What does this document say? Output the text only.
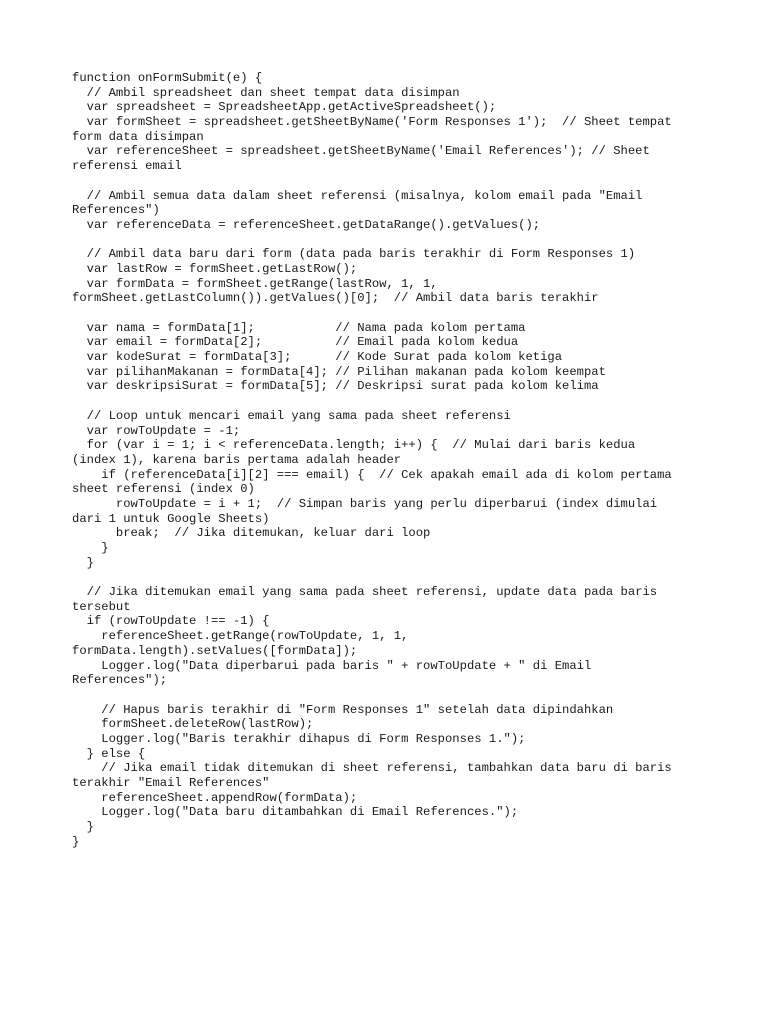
function onFormSubmit(e) {
// Ambil spreadsheet dan sheet tempat data disimpan
var spreadsheet = SpreadsheetApp.getActiveSpreadsheet();
var formSheet = spreadsheet.getSheetByName('Form Responses 1');  // Sheet tempat
form data disimpan
var referenceSheet = spreadsheet.getSheetByName('Email References'); // Sheet
referensi email
// Ambil semua data dalam sheet referensi (misalnya, kolom email pada "Email
References")
var referenceData = referenceSheet.getDataRange().getValues();
// Ambil data baru dari form (data pada baris terakhir di Form Responses 1)
var lastRow = formSheet.getLastRow();
var formData = formSheet.getRange(lastRow, 1, 1,
formSheet.getLastColumn()).getValues()[0];  // Ambil data baris terakhir
var nama = formData[1];           // Nama pada kolom pertama
var email = formData[2];          // Email pada kolom kedua
var kodeSurat = formData[3];      // Kode Surat pada kolom ketiga
var pilihanMakanan = formData[4]; // Pilihan makanan pada kolom keempat
var deskripsiSurat = formData[5]; // Deskripsi surat pada kolom kelima
// Loop untuk mencari email yang sama pada sheet referensi
var rowToUpdate = -1;
for (var i = 1; i < referenceData.length; i++) {  // Mulai dari baris kedua
(index 1), karena baris pertama adalah header
if (referenceData[i][2] === email) {  // Cek apakah email ada di kolom pertama
sheet referensi (index 0)
rowToUpdate = i + 1;  // Simpan baris yang perlu diperbarui (index dimulai
dari 1 untuk Google Sheets)
break;  // Jika ditemukan, keluar dari loop
}
}
// Jika ditemukan email yang sama pada sheet referensi, update data pada baris
tersebut
if (rowToUpdate !== -1) {
referenceSheet.getRange(rowToUpdate, 1, 1,
formData.length).setValues([formData]);
Logger.log("Data diperbarui pada baris " + rowToUpdate + " di Email
References");
// Hapus baris terakhir di "Form Responses 1" setelah data dipindahkan
formSheet.deleteRow(lastRow);
Logger.log("Baris terakhir dihapus di Form Responses 1.");
} else {
// Jika email tidak ditemukan di sheet referensi, tambahkan data baru di baris
terakhir "Email References"
referenceSheet.appendRow(formData);
Logger.log("Data baru ditambahkan di Email References.");
}
}
